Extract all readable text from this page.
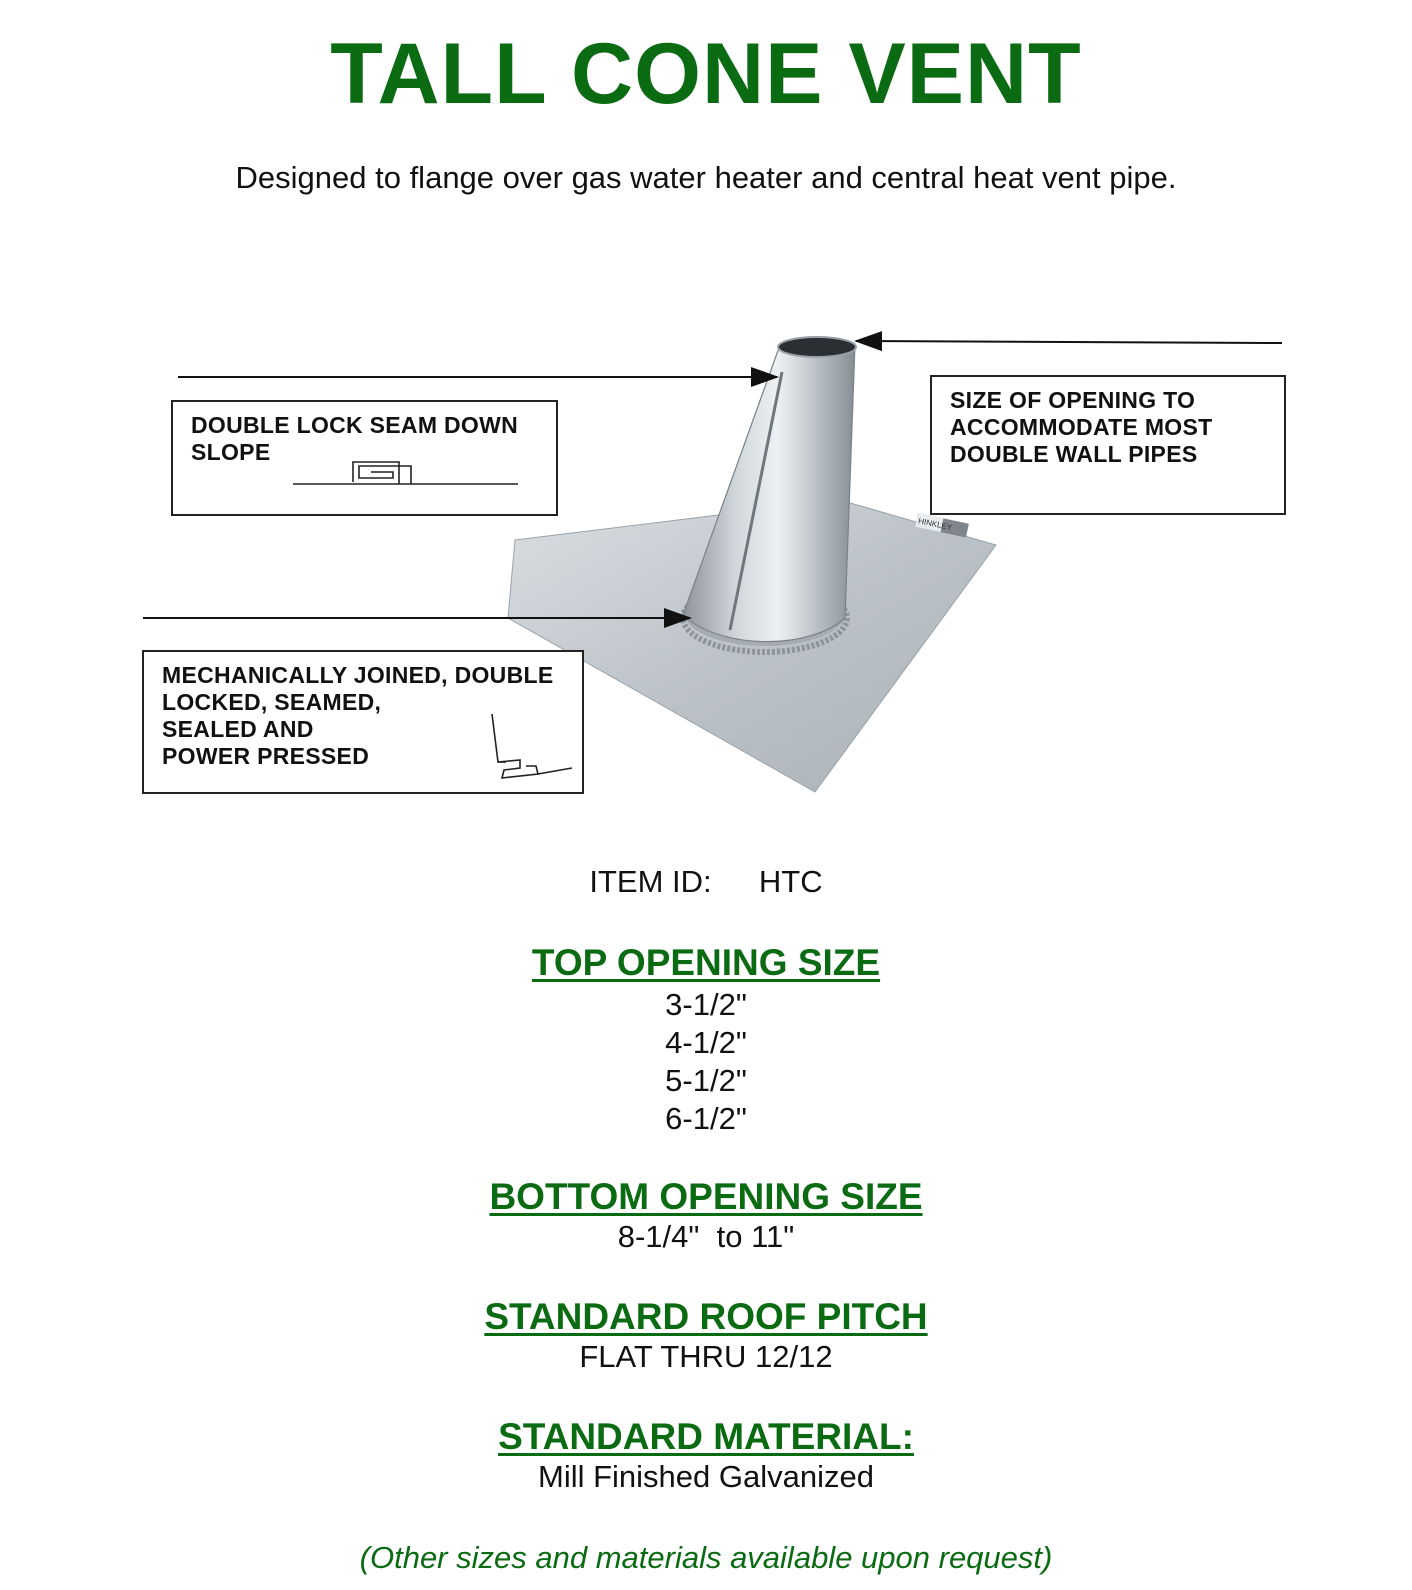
TALL CONE VENT
Designed to flange over gas water heater and central heat vent pipe.
HINKLEY
DOUBLE LOCK SEAM DOWN
SLOPE
SIZE OF OPENING TO
ACCOMMODATE MOST
DOUBLE WALL PIPES
MECHANICALLY JOINED, DOUBLE
LOCKED, SEAMED,
SEALED AND
POWER PRESSED
ITEM ID: HTC
TOP OPENING SIZE
3-1/2"
4-1/2"
5-1/2"
6-1/2"
BOTTOM OPENING SIZE
8-1/4"  to 11"
STANDARD ROOF PITCH
FLAT THRU 12/12
STANDARD MATERIAL:
Mill Finished Galvanized
(Other sizes and materials available upon request)
